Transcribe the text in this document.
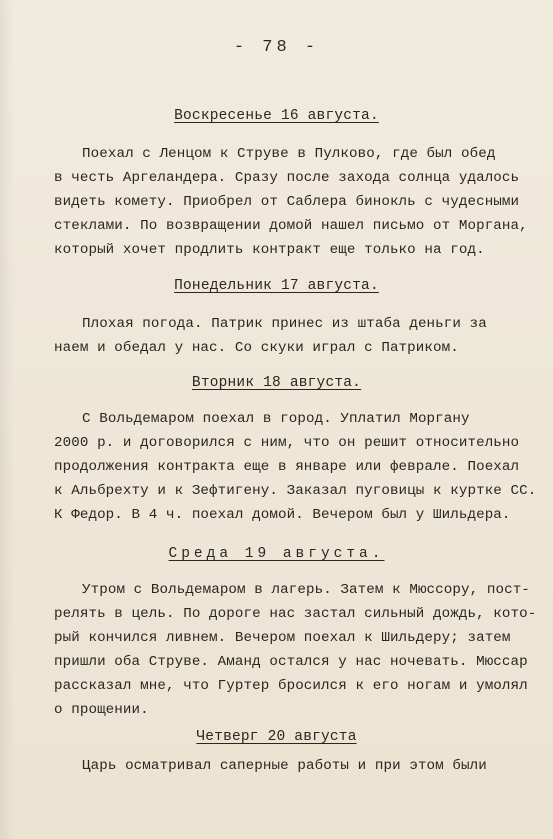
- 78 -
Воскресенье 16 августа.
Поехал с Ленцом к Струве в Пулково, где был обед
в честь Аргеландера. Сразу после захода солнца удалось
видеть комету. Приобрел от Саблера бинокль с чудесными
стеклами. По возвращении домой нашел письмо от Моргана,
который хочет продлить контракт еще только на год.
Понедельник 17 августа.
Плохая погода. Патрик принес из штаба деньги за
наем и обедал у нас. Со скуки играл с Патриком.
Вторник 18 августа.
С Вольдемаром поехал в город. Уплатил Моргану
2000 р. и договорился с ним, что он решит относительно
продолжения контракта еще в январе или феврале. Поехал
к Альбрехту и к Зефтигену. Заказал пуговицы к куртке СС.
К Федор. В 4 ч. поехал домой. Вечером был у Шильдера.
Среда 19 августа.
Утром с Вольдемаром в лагерь. Затем к Мюссору, пост-
релять в цель. По дороге нас застал сильный дождь, кото-
рый кончился ливнем. Вечером поехал к Шильдеру; затем
пришли оба Струве. Аманд остался у нас ночевать. Мюссар
рассказал мне, что Гуртер бросился к его ногам и умолял
о прощении.
Четверг 20 августа
Царь осматривал саперные работы и при этом были
